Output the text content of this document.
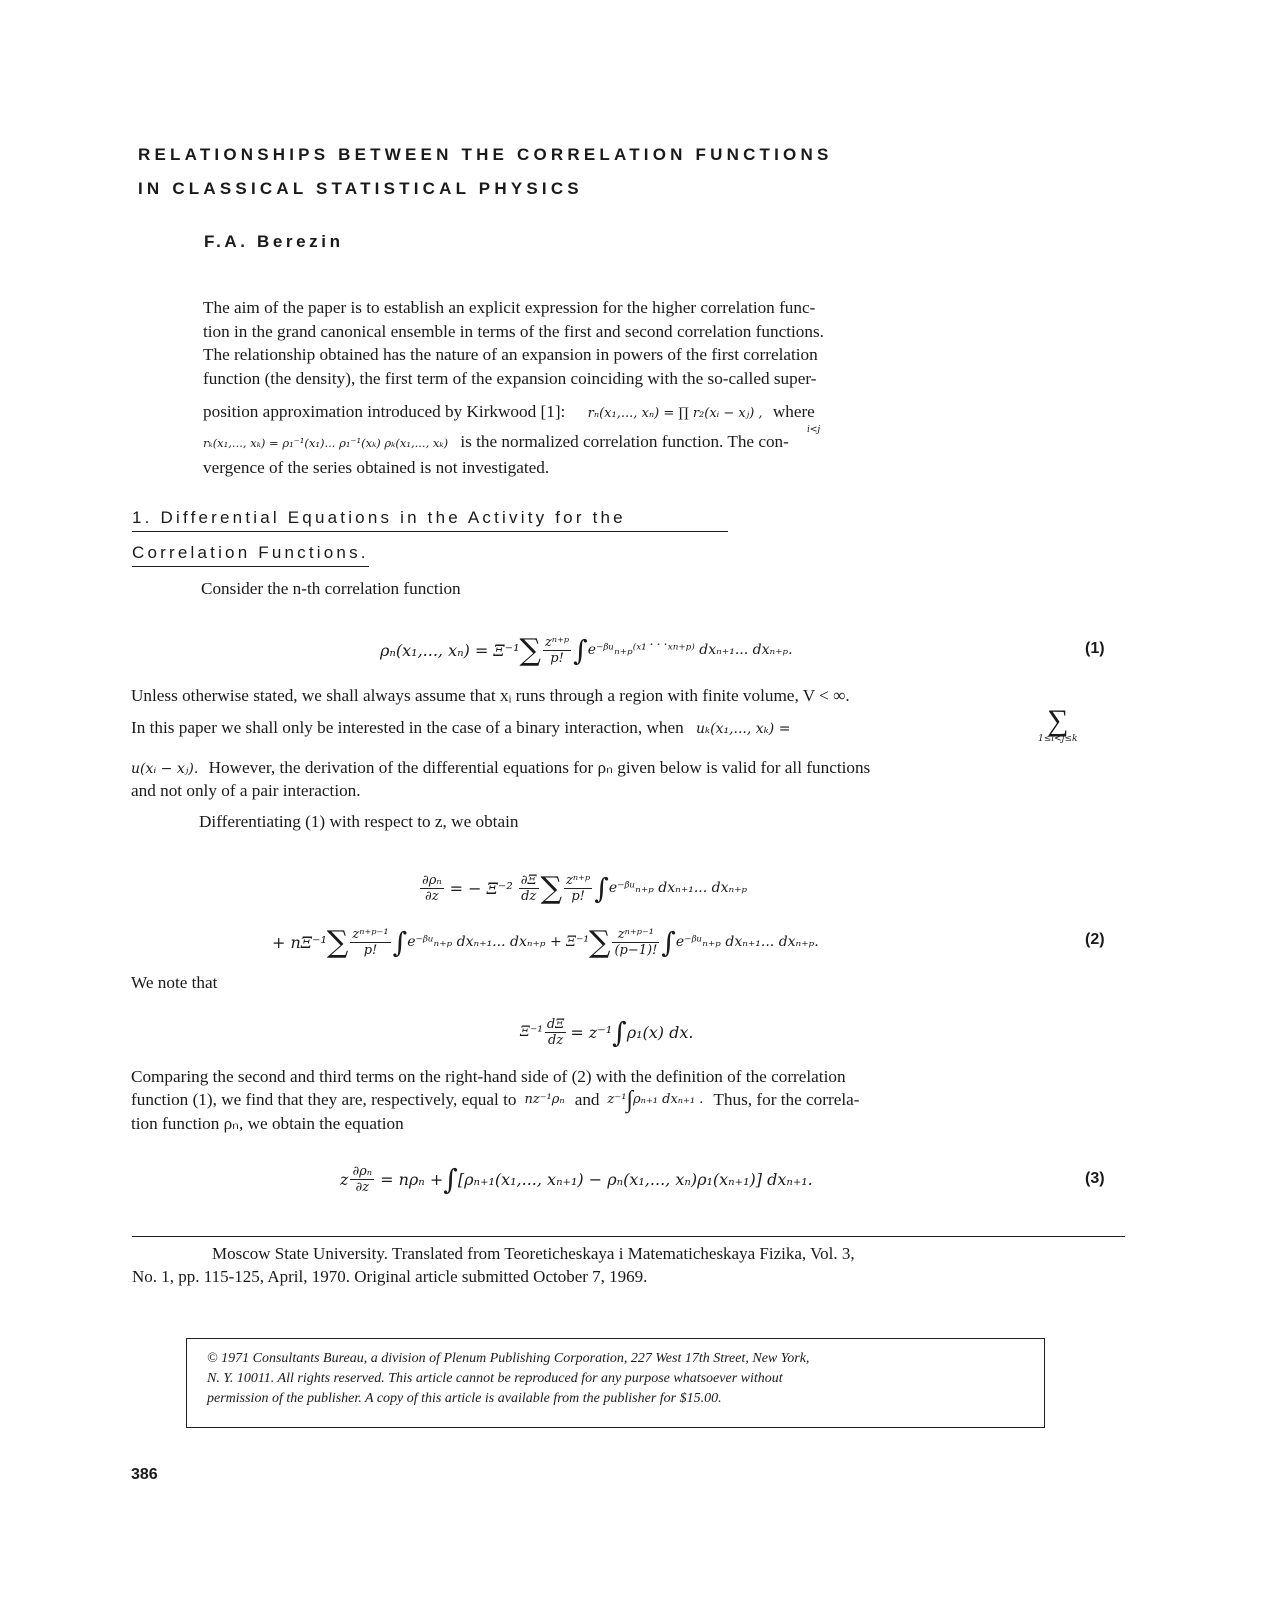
RELATIONSHIPS BETWEEN THE CORRELATION FUNCTIONS
IN CLASSICAL STATISTICAL PHYSICS
F.A. Berezin

The aim of the paper is to establish an explicit expression for the higher correlation func-

tion in the grand canonical ensemble in terms of the first and second correlation functions.

The relationship obtained has the nature of an expansion in powers of the first correlation

function (the density), the first term of the expansion coinciding with the so-called super-

position approximation introduced by Kirkwood [1]: rₙ(x₁,..., xₙ) = ∏ r₂(xᵢ − xⱼ) , where
i<j

rₖ(x₁,..., xₖ) = ρ₁⁻¹(x₁)... ρ₁⁻¹(xₖ) ρₖ(x₁,..., xₖ) is the normalized correlation function. The con-

vergence of the series obtained is not investigated.

1. Differential Equations in the Activity for the
Correlation Functions.
Consider the n-th correlation function
ρₙ(x₁,..., xₙ) = Ξ⁻¹ ∑ $\frac{\text{zⁿ⁺ᵖ}}{p!}$ ∫ e⁻ᵝᵘₙ₊ₚ⁽ˣ¹˙˙˙ˣⁿ⁺ᵖ⁾ dxₙ₊₁... dxₙ₊ₚ.	(1)
Unless otherwise stated, we shall always assume that xᵢ runs through a region with finite volume, V < ∞.
In this paper we shall only be interested in the case of a binary interaction, when uₖ(x₁,..., xₖ) =	∑
1≤i<j≤k
u(xᵢ − xⱼ). However, the derivation of the differential equations for ρₙ given below is valid for all functions
and not only of a pair interaction.
Differentiating (1) with respect to z, we obtain
$\frac{\text{∂ρₙ}}{\partial z}$ = − $\Xi^{-2} \frac{\partial\Xi}{dz}$ ∑ $\frac{\text{zⁿ⁺ᵖ}}{p!}$ ∫ e⁻ᵝᵘₙ₊ₚ dxₙ₊₁... dxₙ₊ₚ
+ nΞ⁻¹ ∑ $\frac{\text{zⁿ⁺ᵖ⁻¹}}{p!}$ ∫ e⁻ᵝᵘₙ₊ₚ dxₙ₊₁... dxₙ₊ₚ + Ξ⁻¹ ∑ $\frac{\text{zⁿ⁺ᵖ⁻¹}}{(p-1)!}$ ∫ e⁻ᵝᵘₙ₊ₚ dxₙ₊₁... dxₙ₊ₚ.	(2)
We note that
$\Xi^{-1} \frac{d\Xi}{dz} = z^{-1}$ ∫ ρ₁(x) dx.
Comparing the second and third terms on the right-hand side of (2) with the definition of the correlation
function (1), we find that they are, respectively, equal to nz⁻¹ρₙ and z⁻¹ ∫ ρₙ₊₁ dxₙ₊₁ . Thus, for the correla-
tion function ρₙ, we obtain the equation
z $\frac{\text{∂ρₙ}}{\partial z} = n\rho_n$ + ∫ [ρₙ₊₁(x₁,..., xₙ₊₁) − ρₙ(x₁,..., xₙ)ρ₁(xₙ₊₁)] dxₙ₊₁.	(3)
Moscow State University. Translated from Teoreticheskaya i Matematicheskaya Fizika, Vol. 3,
No. 1, pp. 115-125, April, 1970. Original article submitted October 7, 1969.
© 1971 Consultants Bureau, a division of Plenum Publishing Corporation, 227 West 17th Street, New York,
N. Y. 10011. All rights reserved. This article cannot be reproduced for any purpose whatsoever without
permission of the publisher. A copy of this article is available from the publisher for $15.00.
386
